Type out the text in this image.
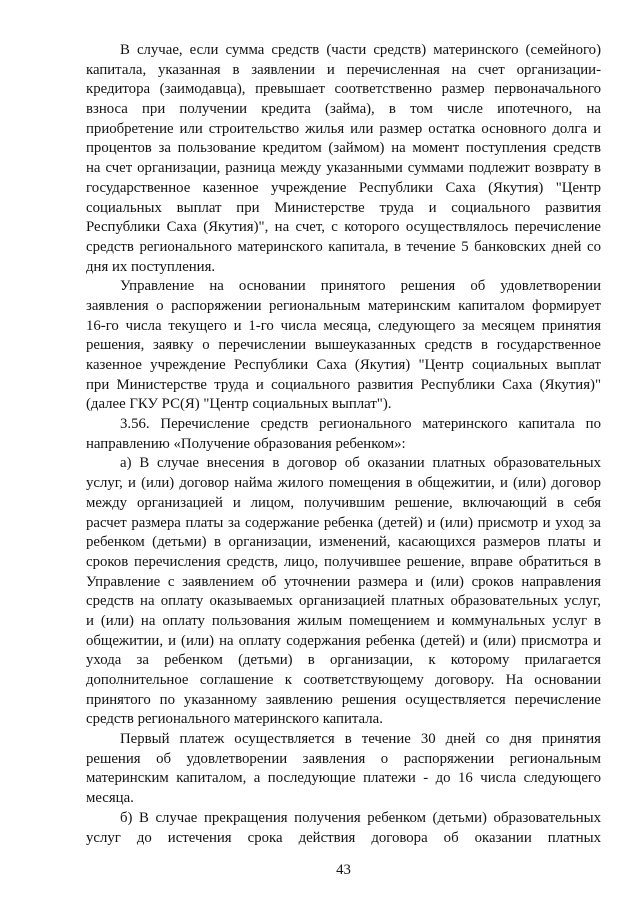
В случае, если сумма средств (части средств) материнского (семейного)
капитала, указанная в заявлении и перечисленная на счет организации-
кредитора (заимодавца), превышает соответственно размер первоначального
взноса при получении кредита (займа), в том числе ипотечного, на
приобретение или строительство жилья или размер остатка основного долга и
процентов за пользование кредитом (займом) на момент поступления средств
на счет организации, разница между указанными суммами подлежит возврату в
государственное казенное учреждение Республики Саха (Якутия) "Центр
социальных выплат при Министерстве труда и социального развития
Республики Саха (Якутия)", на счет, с которого осуществлялось перечисление
средств регионального материнского капитала, в течение 5 банковских дней со
дня их поступления.
Управление на основании принятого решения об удовлетворении
заявления о распоряжении региональным материнским капиталом формирует
16-го числа текущего и 1-го числа месяца, следующего за месяцем принятия
решения, заявку о перечислении вышеуказанных средств в государственное
казенное учреждение Республики Саха (Якутия) "Центр социальных выплат
при Министерстве труда и социального развития Республики Саха (Якутия)"
(далее ГКУ РС(Я) "Центр социальных выплат").
3.56. Перечисление средств регионального материнского капитала по
направлению «Получение образования ребенком»:
а) В случае внесения в договор об оказании платных образовательных
услуг, и (или) договор найма жилого помещения в общежитии, и (или) договор
между организацией и лицом, получившим решение, включающий в себя
расчет размера платы за содержание ребенка (детей) и (или) присмотр и уход за
ребенком (детьми) в организации, изменений, касающихся размеров платы и
сроков перечисления средств, лицо, получившее решение, вправе обратиться в
Управление с заявлением об уточнении размера и (или) сроков направления
средств на оплату оказываемых организацией платных образовательных услуг,
и (или) на оплату пользования жилым помещением и коммунальных услуг в
общежитии, и (или) на оплату содержания ребенка (детей) и (или) присмотра и
ухода за ребенком (детьми) в организации, к которому прилагается
дополнительное соглашение к соответствующему договору. На основании
принятого по указанному заявлению решения осуществляется перечисление
средств регионального материнского капитала.
Первый платеж осуществляется в течение 30 дней со дня принятия
решения об удовлетворении заявления о распоряжении региональным
материнским капиталом, а последующие платежи - до 16 числа следующего
месяца.
б) В случае прекращения получения ребенком (детьми) образовательных
услуг до истечения срока действия договора об оказании платных
43
